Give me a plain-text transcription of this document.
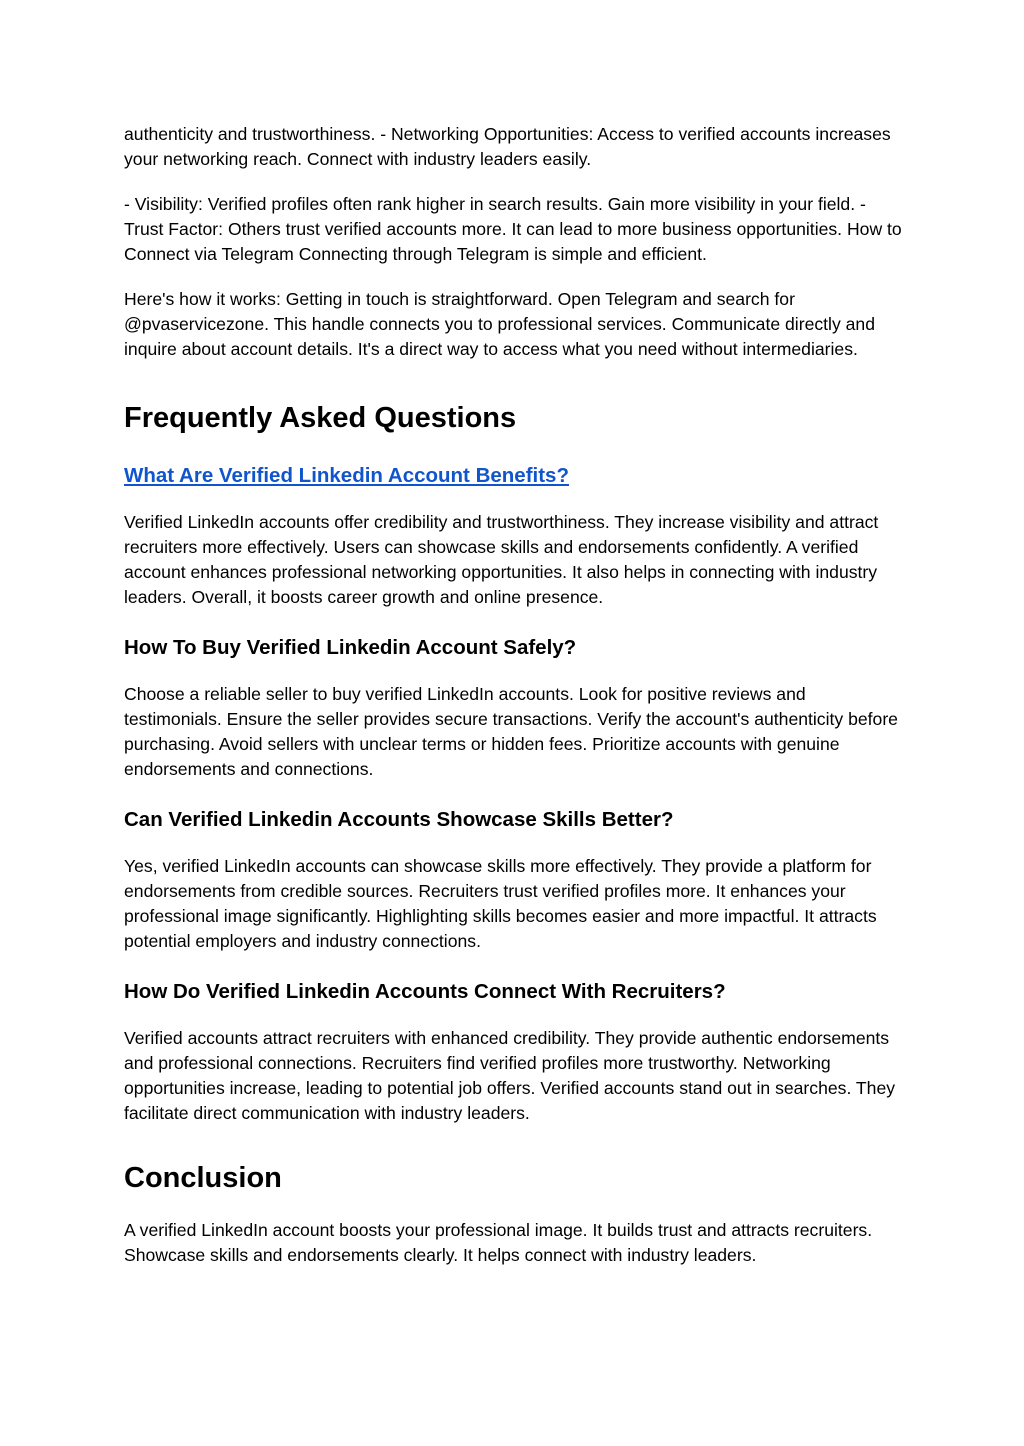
authenticity and trustworthiness. - Networking Opportunities: Access to verified accounts increases your networking reach. Connect with industry leaders easily.

- Visibility: Verified profiles often rank higher in search results. Gain more visibility in your field. - Trust Factor: Others trust verified accounts more. It can lead to more business opportunities. How to Connect via Telegram Connecting through Telegram is simple and efficient.

Here's how it works: Getting in touch is straightforward. Open Telegram and search for @pvaservicezone. This handle connects you to professional services. Communicate directly and inquire about account details. It's a direct way to access what you need without intermediaries.

Frequently Asked Questions
What Are Verified Linkedin Account Benefits?

Verified LinkedIn accounts offer credibility and trustworthiness. They increase visibility and attract recruiters more effectively. Users can showcase skills and endorsements confidently. A verified account enhances professional networking opportunities. It also helps in connecting with industry leaders. Overall, it boosts career growth and online presence.

How To Buy Verified Linkedin Account Safely?

Choose a reliable seller to buy verified LinkedIn accounts. Look for positive reviews and testimonials. Ensure the seller provides secure transactions. Verify the account's authenticity before purchasing. Avoid sellers with unclear terms or hidden fees. Prioritize accounts with genuine endorsements and connections.

Can Verified Linkedin Accounts Showcase Skills Better?

Yes, verified LinkedIn accounts can showcase skills more effectively. They provide a platform for endorsements from credible sources. Recruiters trust verified profiles more. It enhances your professional image significantly. Highlighting skills becomes easier and more impactful. It attracts potential employers and industry connections.

How Do Verified Linkedin Accounts Connect With Recruiters?

Verified accounts attract recruiters with enhanced credibility. They provide authentic endorsements and professional connections. Recruiters find verified profiles more trustworthy. Networking opportunities increase, leading to potential job offers. Verified accounts stand out in searches. They facilitate direct communication with industry leaders.

Conclusion

A verified LinkedIn account boosts your professional image. It builds trust and attracts recruiters. Showcase skills and endorsements clearly. It helps connect with industry leaders.
